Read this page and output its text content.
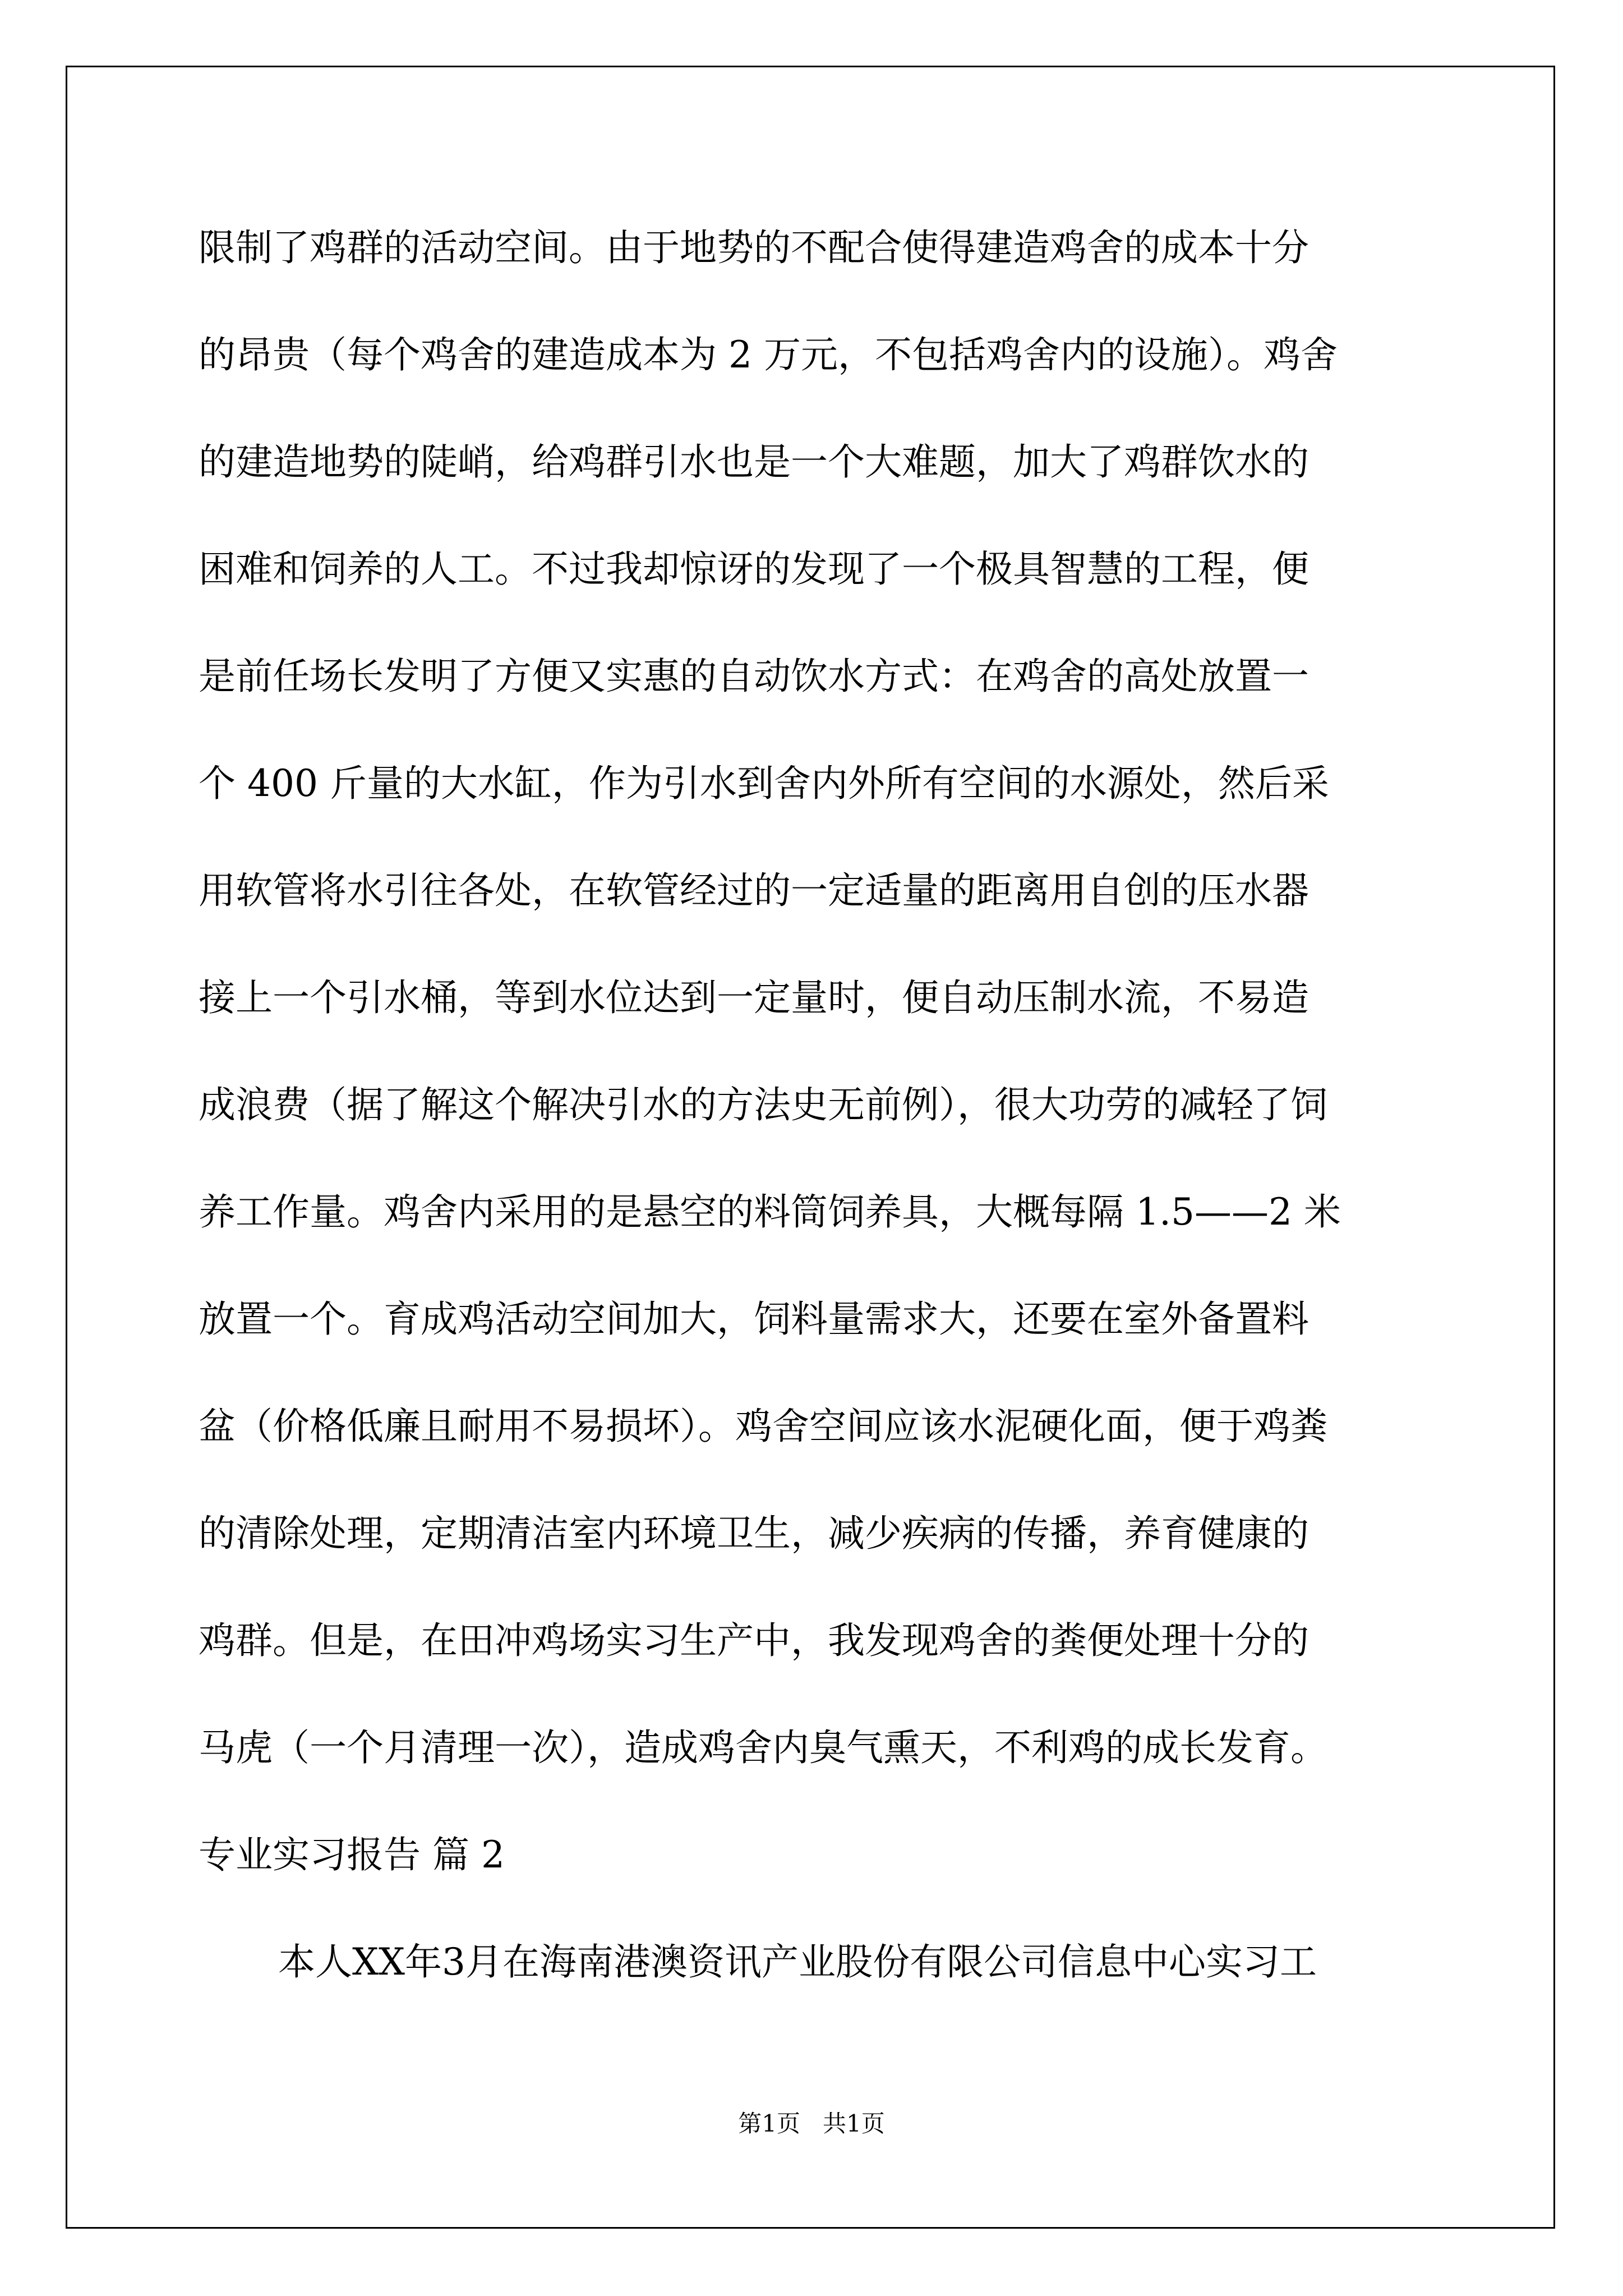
限制了鸡群的活动空间。由于地势的不配合使得建造鸡舍的成本十分
的昂贵（每个鸡舍的建造成本为 2 万元，不包括鸡舍内的设施）。鸡舍
的建造地势的陡峭，给鸡群引水也是一个大难题，加大了鸡群饮水的
困难和饲养的人工。不过我却惊讶的发现了一个极具智慧的工程，便
是前任场长发明了方便又实惠的自动饮水方式：在鸡舍的高处放置一
个 400 斤量的大水缸，作为引水到舍内外所有空间的水源处，然后采
用软管将水引往各处，在软管经过的一定适量的距离用自创的压水器
接上一个引水桶，等到水位达到一定量时，便自动压制水流，不易造
成浪费（据了解这个解决引水的方法史无前例），很大功劳的减轻了饲
养工作量。鸡舍内采用的是悬空的料筒饲养具，大概每隔 1.5——2 米
放置一个。育成鸡活动空间加大，饲料量需求大，还要在室外备置料
盆（价格低廉且耐用不易损坏）。鸡舍空间应该水泥硬化面，便于鸡粪
的清除处理，定期清洁室内环境卫生，减少疾病的传播，养育健康的
鸡群。但是，在田冲鸡场实习生产中，我发现鸡舍的粪便处理十分的
马虎（一个月清理一次），造成鸡舍内臭气熏天，不利鸡的成长发育。
专业实习报告 篇 2
本人XX年3月在海南港澳资讯产业股份有限公司信息中心实习工
第1页 共1页
